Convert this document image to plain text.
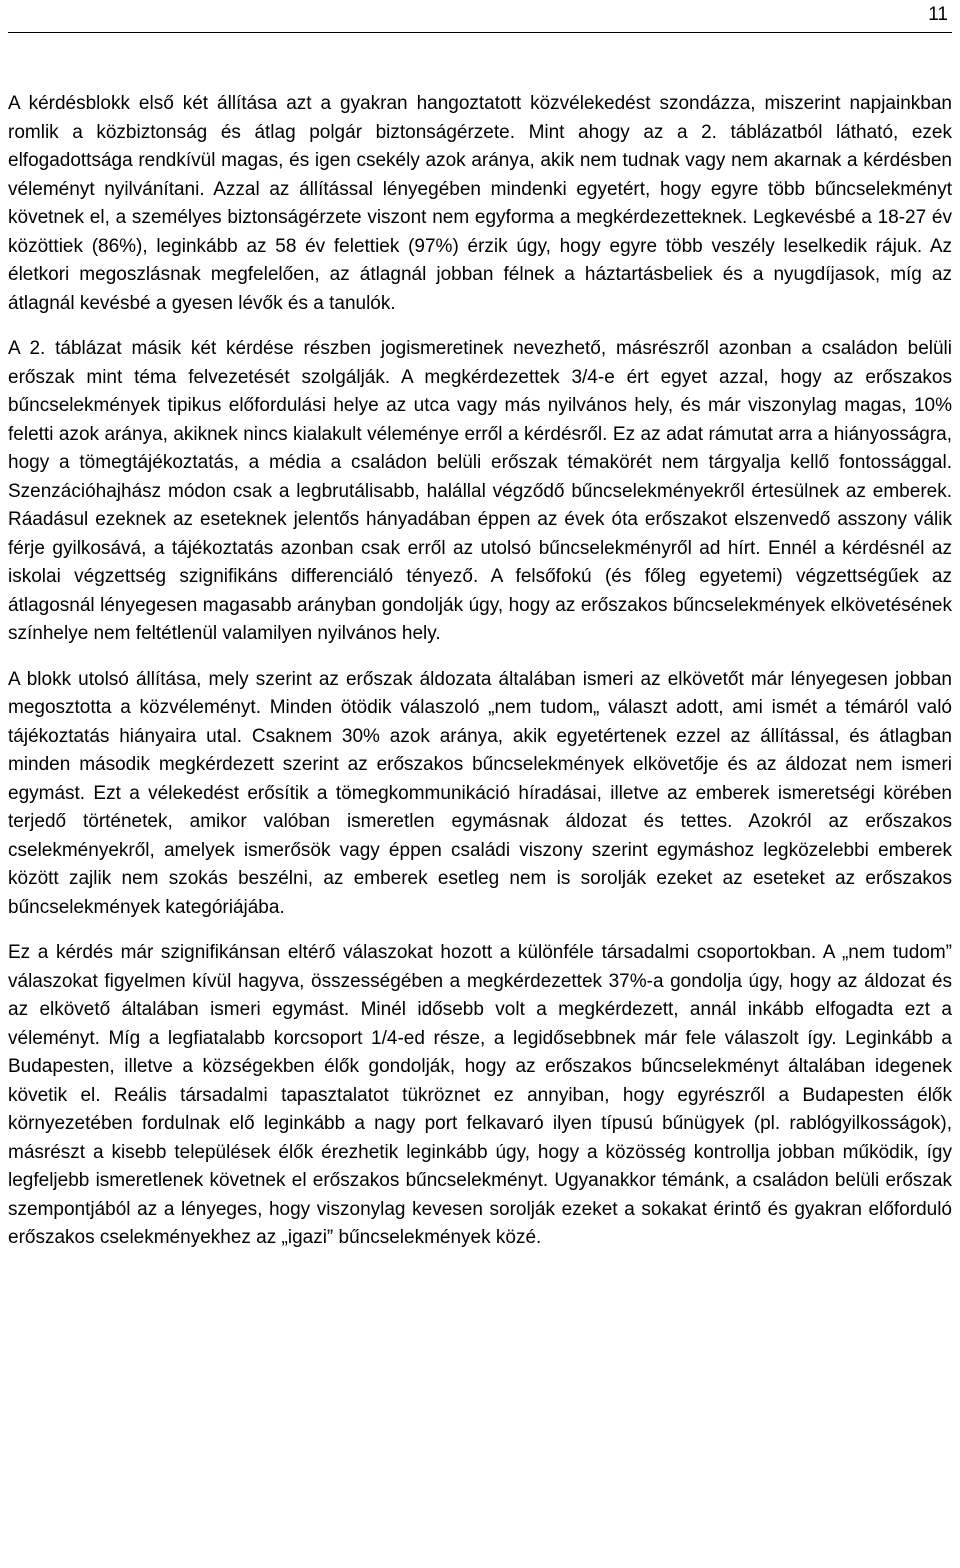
11

A kérdésblokk első két állítása azt a gyakran hangoztatott közvélekedést szondázza, miszerint napjainkban romlik a közbiztonság és átlag polgár biztonságérzete. Mint ahogy az a 2. táblázatból látható, ezek elfogadottsága rendkívül magas, és igen csekély azok aránya, akik nem tudnak vagy nem akarnak a kérdésben véleményt nyilvánítani. Azzal az állítással lényegében mindenki egyetért, hogy egyre több bűncselekményt követnek el, a személyes biztonságérzete viszont nem egyforma a megkérdezetteknek. Legkevésbé a 18-27 év közöttiek (86%), leginkább az 58 év felettiek (97%) érzik úgy, hogy egyre több veszély leselkedik rájuk. Az életkori megoszlásnak megfelelően, az átlagnál jobban félnek a háztartásbeliek és a nyugdíjasok, míg az átlagnál kevésbé a gyesen lévők és a tanulók.

A 2. táblázat másik két kérdése részben jogismeretinek nevezhető, másrészről azonban a családon belüli erőszak mint téma felvezetését szolgálják. A megkérdezettek 3/4-e ért egyet azzal, hogy az erőszakos bűncselekmények tipikus előfordulási helye az utca vagy más nyilvános hely, és már viszonylag magas, 10% feletti azok aránya, akiknek nincs kialakult véleménye erről a kérdésről. Ez az adat rámutat arra a hiányosságra, hogy a tömegtájékoztatás, a média a családon belüli erőszak témakörét nem tárgyalja kellő fontossággal. Szenzációhajhász módon csak a legbrutálisabb, halállal végződő bűncselekményekről értesülnek az emberek. Ráadásul ezeknek az eseteknek jelentős hányadában éppen az évek óta erőszakot elszenvedő asszony válik férje gyilkosává, a tájékoztatás azonban csak erről az utolsó bűncselekményről ad hírt. Ennél a kérdésnél az iskolai végzettség szignifikáns differenciáló tényező. A felsőfokú (és főleg egyetemi) végzettségűek az átlagosnál lényegesen magasabb arányban gondolják úgy, hogy az erőszakos bűncselekmények elkövetésének színhelye nem feltétlenül valamilyen nyilvános hely.

A blokk utolsó állítása, mely szerint az erőszak áldozata általában ismeri az elkövetőt már lényegesen jobban megosztotta a közvéleményt. Minden ötödik válaszoló „nem tudom„ választ adott, ami ismét a témáról való tájékoztatás hiányaira utal. Csaknem 30% azok aránya, akik egyetértenek ezzel az állítással, és átlagban minden második megkérdezett szerint az erőszakos bűncselekmények elkövetője és az áldozat nem ismeri egymást. Ezt a vélekedést erősítik a tömegkommunikáció híradásai, illetve az emberek ismeretségi körében terjedő történetek, amikor valóban ismeretlen egymásnak áldozat és tettes. Azokról az erőszakos cselekményekről, amelyek ismerősök vagy éppen családi viszony szerint egymáshoz legközelebbi emberek között zajlik nem szokás beszélni, az emberek esetleg nem is sorolják ezeket az eseteket az erőszakos bűncselekmények kategóriájába.

Ez a kérdés már szignifikánsan eltérő válaszokat hozott a különféle társadalmi csoportokban. A „nem tudom” válaszokat figyelmen kívül hagyva, összességében a megkérdezettek 37%-a gondolja úgy, hogy az áldozat és az elkövető általában ismeri egymást. Minél idősebb volt a megkérdezett, annál inkább elfogadta ezt a véleményt. Míg a legfiatalabb korcsoport 1/4-ed része, a legidősebbnek már fele válaszolt így. Leginkább a Budapesten, illetve a községekben élők gondolják, hogy az erőszakos bűncselekményt általában idegenek követik el. Reális társadalmi tapasztalatot tükröznet ez annyiban, hogy egyrészről a Budapesten élők környezetében fordulnak elő leginkább a nagy port felkavaró ilyen típusú bűnügyek (pl. rablógyilkosságok), másrészt a kisebb települések élők érezhetik leginkább úgy, hogy a közösség kontrollja jobban működik, így legfeljebb ismeretlenek követnek el erőszakos bűncselekményt. Ugyanakkor témánk, a családon belüli erőszak szempontjából az a lényeges, hogy viszonylag kevesen sorolják ezeket a sokakat érintő és gyakran előforduló erőszakos cselekményekhez az „igazi” bűncselekmények közé.
